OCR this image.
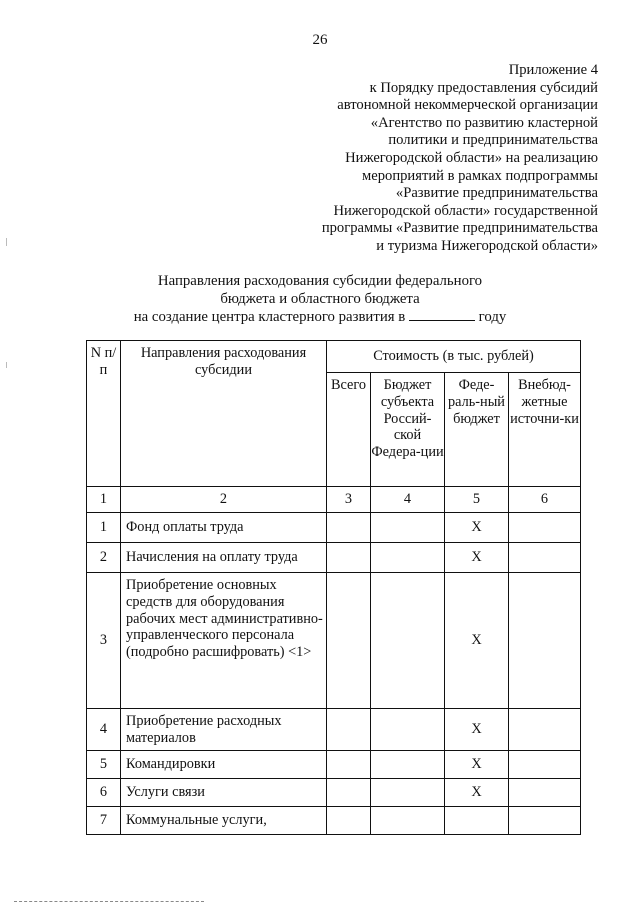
26
Приложение 4
к Порядку предоставления субсидий
автономной некоммерческой организации
«Агентство по развитию кластерной
политики и предпринимательства
Нижегородской области» на реализацию
мероприятий в рамках подпрограммы
«Развитие предпринимательства
Нижегородской области» государственной
программы «Развитие предпринимательства
и туризма Нижегородской области»
Направления расходования субсидии федерального
бюджета и областного бюджета
на создание центра кластерного развития в	году
N п/п	Направления расходования субсидии	Стоимость (в тыс. рублей)			
		Всего	Бюджет субъекта Россий-ской Федера-ции	Феде-раль-ный бюджет	Внебюд-жетные источни-ки
1	2	3	4	5	6
1	Фонд оплаты труда			X	
2	Начисления на оплату труда			X	
3	Приобретение основных средств для оборудования рабочих мест административно-управленческого персонала (подробно расшифровать) <1>			X	
4	Приобретение расходных материалов			X	
5	Командировки			X	
6	Услуги связи			X	
7	Коммунальные услуги,				
